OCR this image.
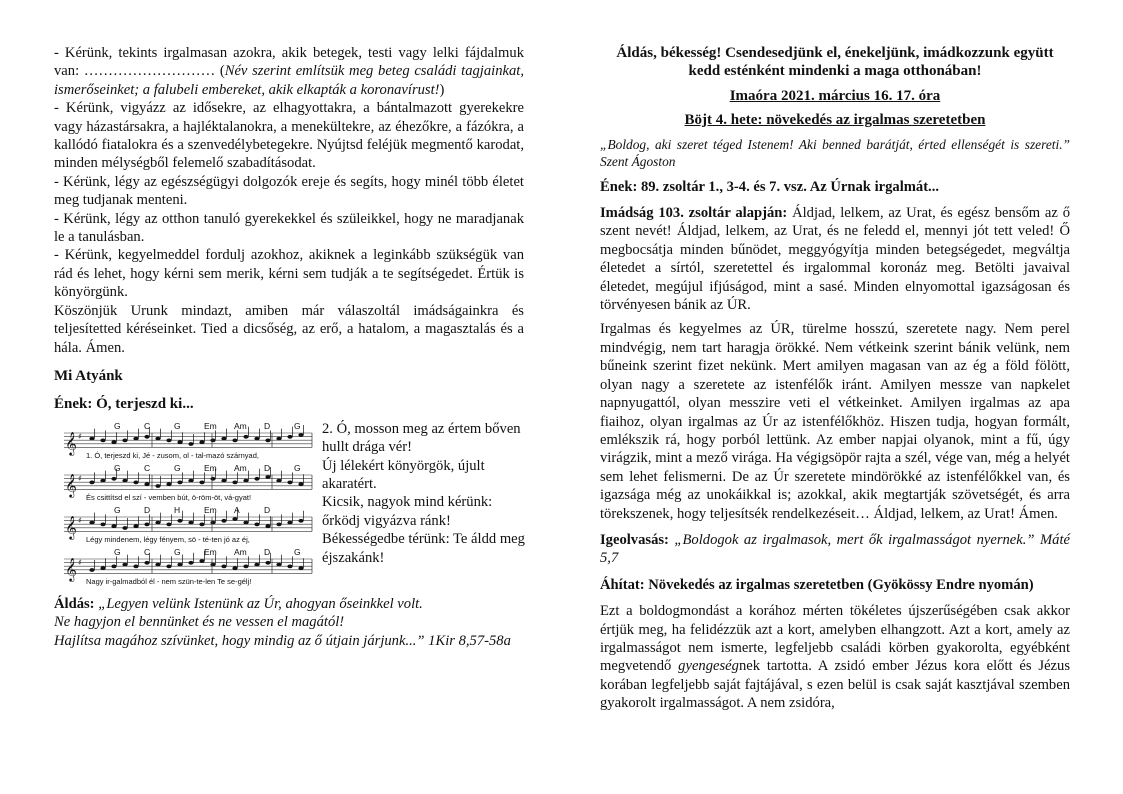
- Kérünk, tekints irgalmasan azokra, akik betegek, testi vagy lelki fájdalmuk van: ……………………… (Név szerint említsük meg beteg családi tagjainkat, ismerőseinket; a falubeli embereket, akik elkapták a koronavírust!)

- Kérünk, vigyázz az idősekre, az elhagyottakra, a bántalmazott gyerekekre vagy házastársakra, a hajléktalanokra, a menekültekre, az éhezőkre, a fázókra, a kallódó fiatalokra és a szenvedélybetegekre. Nyújtsd feléjük megmentő karodat, minden mélységből felemelő szabadításodat.

- Kérünk, légy az egészségügyi dolgozók ereje és segíts, hogy minél több életet meg tudjanak menteni.

- Kérünk, légy az otthon tanuló gyerekekkel és szüleikkel, hogy ne maradjanak le a tanulásban.

- Kérünk, kegyelmeddel fordulj azokhoz, akiknek a leginkább szükségük van rád és lehet, hogy kérni sem merik, kérni sem tudják a te segítségedet. Értük is könyörgünk.

Köszönjük Urunk mindazt, amiben már válaszoltál imádságainkra és teljesítetted kéréseinket. Tied a dicsőség, az erő, a hatalom, a magasztalás és a hála. Ámen.

Mi Atyánk

Ének: Ó, terjeszd ki...

G	C	G	Em Am D	G
𝄞 ♯
1. Ó, terjeszd ki, Jé - zusom, ol - tal-mazó szárnyad,
G	C	G	Em Am D	G
𝄞 ♯
És csittítsd el szí - vemben bút, ö-röm-öt, vá-gyat!
G	D	H	Em A	D
𝄞 ♯
Légy mindenem, légy fényem, sö - té-ten jó az éj,
G	C	G	Em Am D	G
𝄞 ♯
Nagy ir-galmadból él - nem szün-te-len Te se-gélj!

2. Ó, mosson meg az értem bőven hullt drága vér!

Új lélekért könyörgök, újult akaratért.

Kicsik, nagyok mind kérünk: őrködj vigyázva ránk!

Békességedbe térünk: Te áldd meg éjszakánk!

Áldás: „Legyen velünk Istenünk az Úr, ahogyan őseinkkel volt.

Ne hagyjon el bennünket és ne vessen el magától!

Hajlítsa magához szívünket, hogy mindig az ő útjain járjunk...” 1Kir 8,57-58a

Áldás, békesség! Csendesedjünk el, énekeljünk, imádkozzunk együtt kedd esténként mindenki a maga otthonában!

Imaóra 2021. március 16. 17. óra

Böjt 4. hete: növekedés az irgalmas szeretetben

„Boldog, aki szeret téged Istenem! Aki benned barátját, érted ellenségét is szereti.” Szent Ágoston

Ének: 89. zsoltár 1., 3-4. és 7. vsz. Az Úrnak irgalmát...

Imádság 103. zsoltár alapján: Áldjad, lelkem, az Urat, és egész bensőm az ő szent nevét! Áldjad, lelkem, az Urat, és ne feledd el, mennyi jót tett veled! Ő megbocsátja minden bűnödet, meggyógyítja minden betegségedet, megváltja életedet a sírtól, szeretettel és irgalommal koronáz meg. Betölti javaival életedet, megújul ifjúságod, mint a sasé. Minden elnyomottal igazságosan és törvényesen bánik az ÚR.

Irgalmas és kegyelmes az ÚR, türelme hosszú, szeretete nagy. Nem perel mindvégig, nem tart haragja örökké. Nem vétkeink szerint bánik velünk, nem bűneink szerint fizet nekünk. Mert amilyen magasan van az ég a föld fölött, olyan nagy a szeretete az istenfélők iránt. Amilyen messze van napkelet napnyugattól, olyan messzire veti el vétkeinket. Amilyen irgalmas az apa fiaihoz, olyan irgalmas az Úr az istenfélőkhöz. Hiszen tudja, hogyan formált, emlékszik rá, hogy porból lettünk. Az ember napjai olyanok, mint a fű, úgy virágzik, mint a mező virága. Ha végigsöpör rajta a szél, vége van, még a helyét sem lehet felismerni. De az Úr szeretete mindörökké az istenfélőkkel van, és igazsága még az unokáikkal is; azokkal, akik megtartják szövetségét, és arra törekszenek, hogy teljesítsék rendelkezéseit… Áldjad, lelkem, az Urat! Ámen.

Igeolvasás: „Boldogok az irgalmasok, mert ők irgalmasságot nyernek.” Máté 5,7

Áhítat: Növekedés az irgalmas szeretetben (Gyökössy Endre nyomán)

Ezt a boldogmondást a korához mérten tökéletes újszerűségében csak akkor értjük meg, ha felidézzük azt a kort, amelyben elhangzott. Azt a kort, amely az irgalmasságot nem ismerte, legfeljebb családi körben gyakorolta, egyébként megvetendő gyengeségnek tartotta. A zsidó ember Jézus kora előtt és Jézus korában legfeljebb saját fajtájával, s ezen belül is csak saját kasztjával szemben gyakorolt irgalmasságot. A nem zsidóra,
